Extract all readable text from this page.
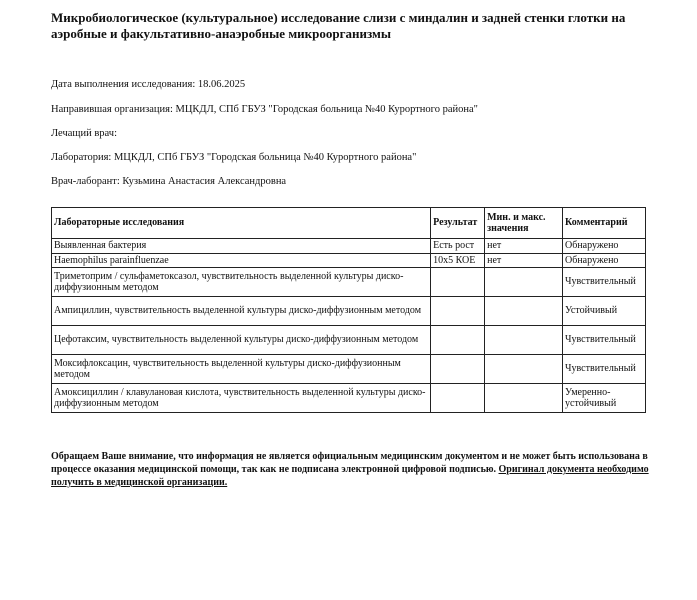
Микробиологическое (культуральное) исследование слизи с миндалин и задней стенки глотки на аэробные и факультативно-анаэробные микроорганизмы
Дата выполнения исследования: 18.06.2025
Направившая организация: МЦКДЛ, СПб ГБУЗ "Городская больница №40 Курортного района"
Лечащий врач:
Лаборатория: МЦКДЛ, СПб ГБУЗ "Городская больница №40 Курортного района"
Врач-лаборант: Кузьмина Анастасия Александровна
Лабораторные исследования	Результат	Мин. и макс. значения	Комментарий
Выявленная бактерия	Есть рост	нет	Обнаружено
Haemophilus parainfluenzae	10х5 КОЕ	нет	Обнаружено
Триметоприм / сульфаметоксазол, чувствительность выделенной культуры диско-диффузионным методом			Чувствительный
Ампициллин, чувствительность выделенной культуры диско-диффузионным методом			Устойчивый
Цефотаксим, чувствительность выделенной культуры диско-диффузионным методом			Чувствительный
Моксифлоксацин, чувствительность выделенной культуры диско-диффузионным методом			Чувствительный
Амоксициллин / клавулановая кислота, чувствительность выделенной культуры диско-диффузионным методом			Умеренно-устойчивый
Обращаем Ваше внимание, что информация не является официальным медицинским документом и не может быть использована в процессе оказания медицинской помощи, так как не подписана электронной цифровой подписью. Оригинал документа необходимо получить в медицинской организации.
